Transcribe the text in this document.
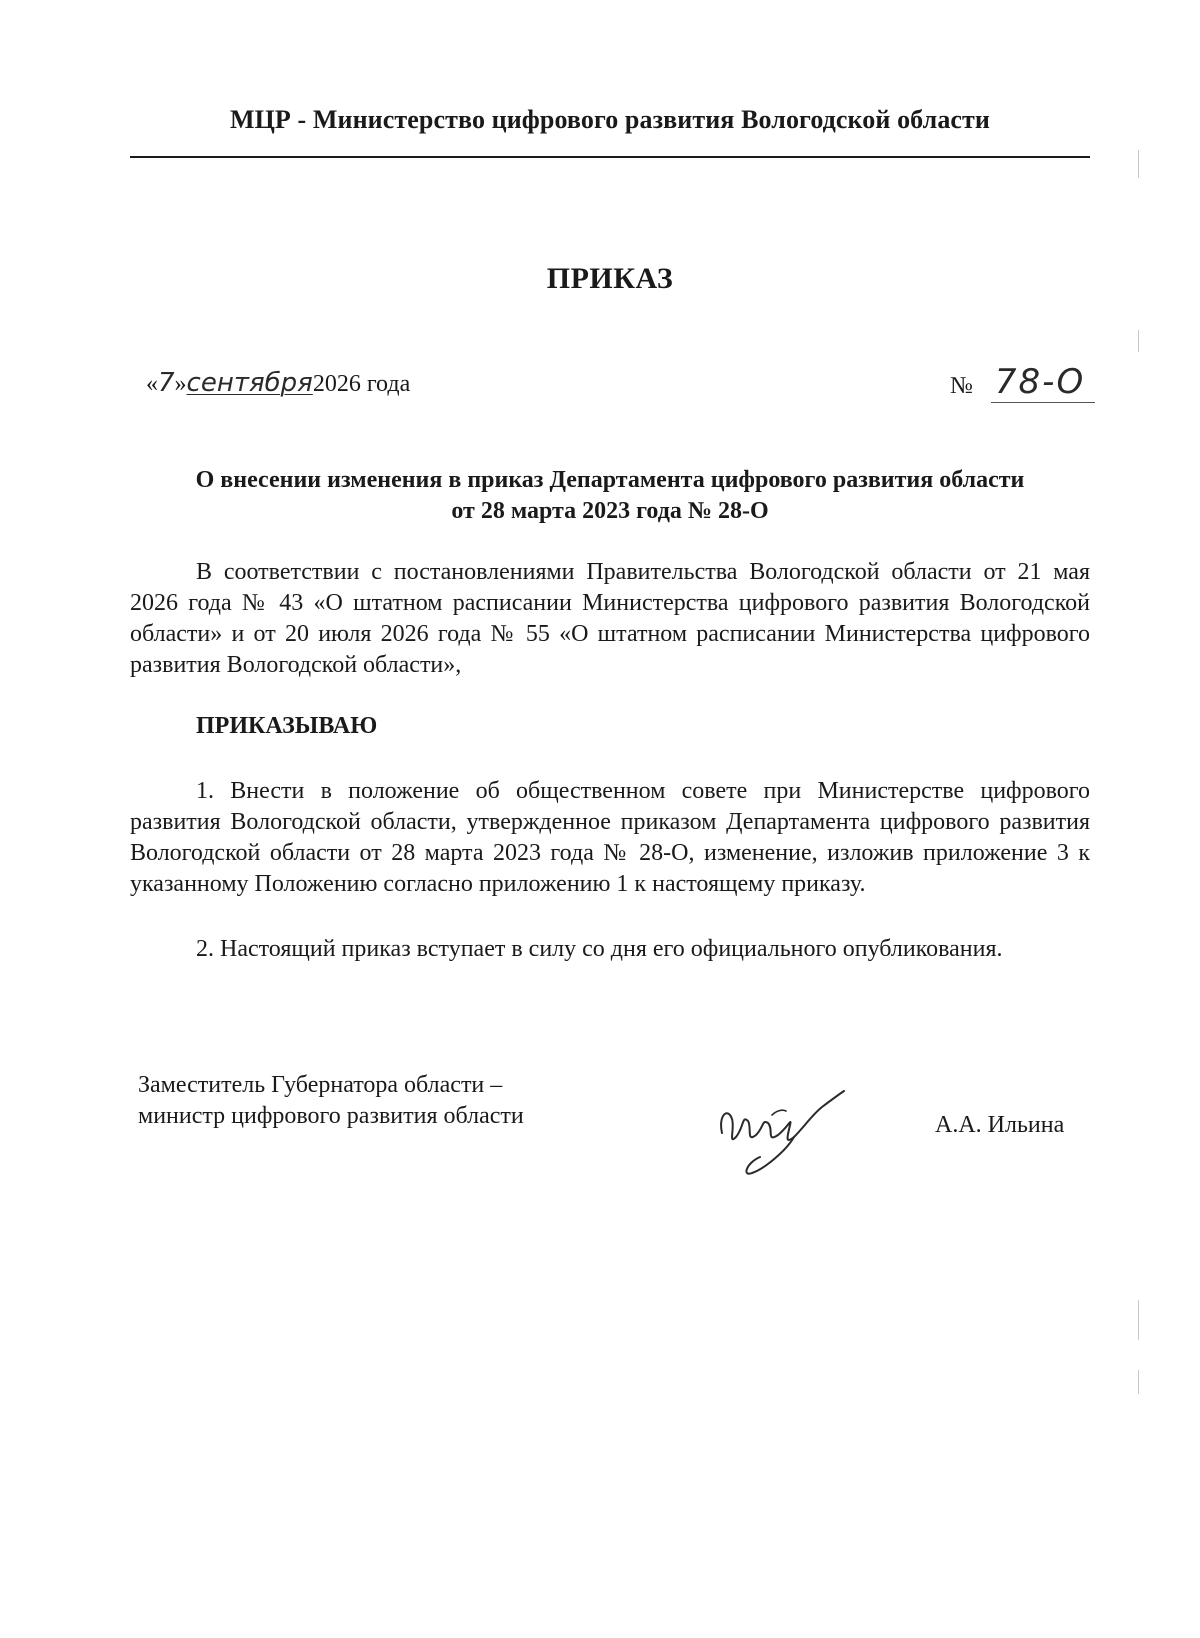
МЦР - Министерство цифрового развития Вологодской области
ПРИКАЗ
«7»сентября2026 года	№ 78-О
О внесении изменения в приказ Департамента цифрового развития области
от 28 марта 2023 года № 28-О
В соответствии с постановлениями Правительства Вологодской области от 21 мая 2026 года № 43 «О штатном расписании Министерства цифрового развития Вологодской области» и от 20 июля 2026 года № 55 «О штатном расписании Министерства цифрового развития Вологодской области»,
ПРИКАЗЫВАЮ
1. Внести в положение об общественном совете при Министерстве цифрового развития Вологодской области, утвержденное приказом Департамента цифрового развития Вологодской области от 28 марта 2023 года № 28-О, изменение, изложив приложение 3 к указанному Положению согласно приложению 1 к настоящему приказу.
2. Настоящий приказ вступает в силу со дня его официального опубликования.
Заместитель Губернатора области –
министр цифрового развития области	А.А. Ильина
